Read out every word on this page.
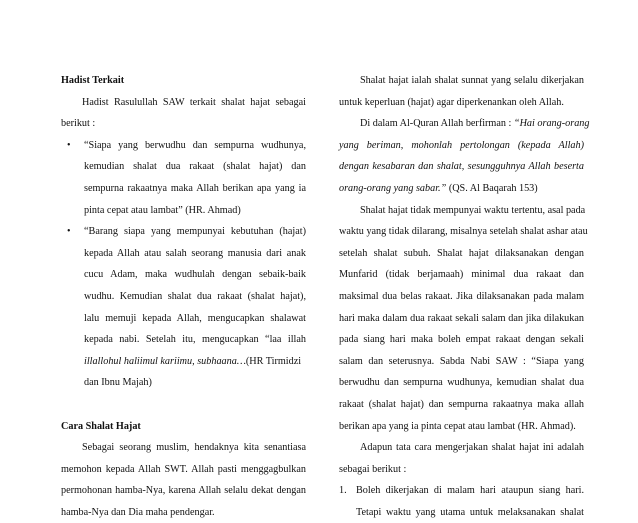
Hadist Terkait
Hadist Rasulullah SAW terkait shalat hajat sebagai
berikut :
• “Siapa yang berwudhu dan sempurna wudhunya,
kemudian shalat dua rakaat (shalat hajat) dan
sempurna rakaatnya maka Allah berikan apa yang ia
pinta cepat atau lambat” (HR. Ahmad)
• “Barang siapa yang mempunyai kebutuhan (hajat)
kepada Allah atau salah seorang manusia dari anak
cucu Adam, maka wudhulah dengan sebaik-baik
wudhu. Kemudian shalat dua rakaat (shalat hajat),
lalu memuji kepada Allah, mengucapkan shalawat
kepada nabi. Setelah itu, mengucapkan “laa illah
illallohul haliimul kariimu, subhaana…(HR Tirmidzi
dan Ibnu Majah)
Cara Shalat Hajat
Sebagai seorang muslim, hendaknya kita senantiasa
memohon kepada Allah SWT. Allah pasti menggagbulkan
permohonan hamba-Nya, karena Allah selalu dekat dengan
hamba-Nya dan Dia maha pendengar.
Shalat hajat ialah shalat sunnat yang selalu dikerjakan
untuk keperluan (hajat) agar diperkenankan oleh Allah.
Di dalam Al-Quran Allah berfirman : “Hai orang-orang
yang beriman, mohonlah pertolongan (kepada Allah)
dengan kesabaran dan shalat, sesungguhnya Allah beserta
orang-orang yang sabar.” (QS. Al Baqarah 153)
Shalat hajat tidak mempunyai waktu tertentu, asal pada
waktu yang tidak dilarang, misalnya setelah shalat ashar atau
setelah shalat subuh. Shalat hajat dilaksanakan dengan
Munfarid (tidak berjamaah) minimal dua rakaat dan
maksimal dua belas rakaat. Jika dilaksanakan pada malam
hari maka dalam dua rakaat sekali salam dan jika dilakukan
pada siang hari maka boleh empat rakaat dengan sekali
salam dan seterusnya. Sabda Nabi SAW : “Siapa yang
berwudhu dan sempurna wudhunya, kemudian shalat dua
rakaat (shalat hajat) dan sempurna rakaatnya maka allah
berikan apa yang ia pinta cepat atau lambat (HR. Ahmad).
Adapun tata cara mengerjakan shalat hajat ini adalah
sebagai berikut :
1. Boleh dikerjakan di malam hari ataupun siang hari.
Tetapi waktu yang utama untuk melaksanakan shalat
